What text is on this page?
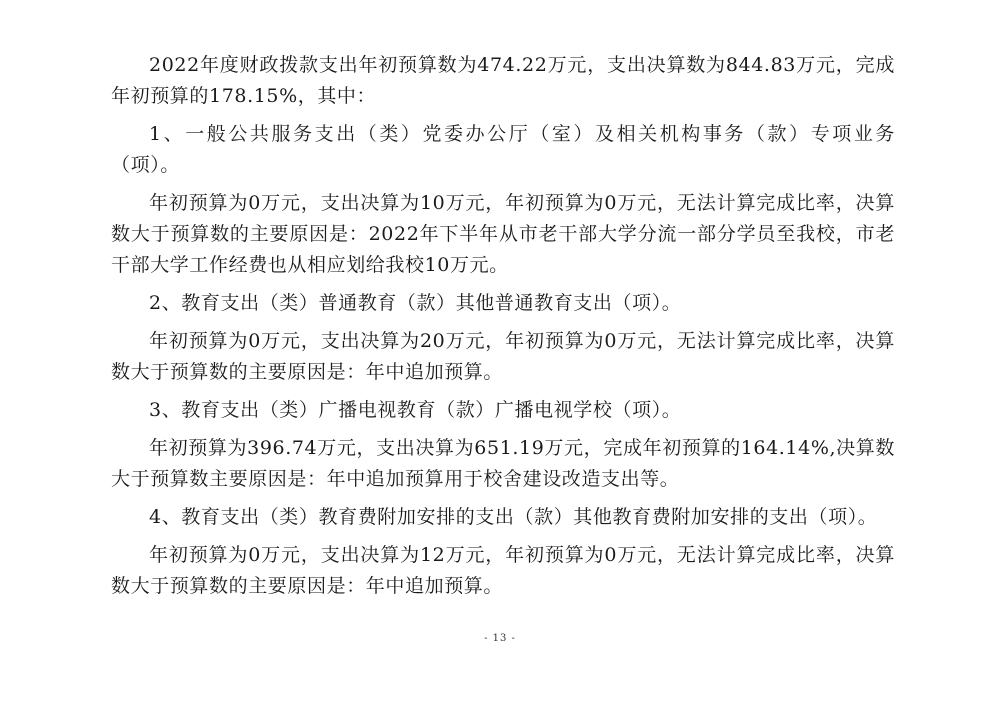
2022年度财政拨款支出年初预算数为474.22万元，支出决算数为844.83万元，完成年初预算的178.15%，其中：

1、一般公共服务支出（类）党委办公厅（室）及相关机构事务（款）专项业务（项）。

年初预算为0万元，支出决算为10万元，年初预算为0万元，无法计算完成比率，决算数大于预算数的主要原因是：2022年下半年从市老干部大学分流一部分学员至我校，市老干部大学工作经费也从相应划给我校10万元。

2、教育支出（类）普通教育（款）其他普通教育支出（项）。

年初预算为0万元，支出决算为20万元，年初预算为0万元，无法计算完成比率，决算数大于预算数的主要原因是：年中追加预算。

3、教育支出（类）广播电视教育（款）广播电视学校（项）。

年初预算为396.74万元，支出决算为651.19万元，完成年初预算的164.14%,决算数大于预算数主要原因是：年中追加预算用于校舍建设改造支出等。

4、教育支出（类）教育费附加安排的支出（款）其他教育费附加安排的支出（项）。

年初预算为0万元，支出决算为12万元，年初预算为0万元，无法计算完成比率，决算数大于预算数的主要原因是：年中追加预算。

- 13 -
